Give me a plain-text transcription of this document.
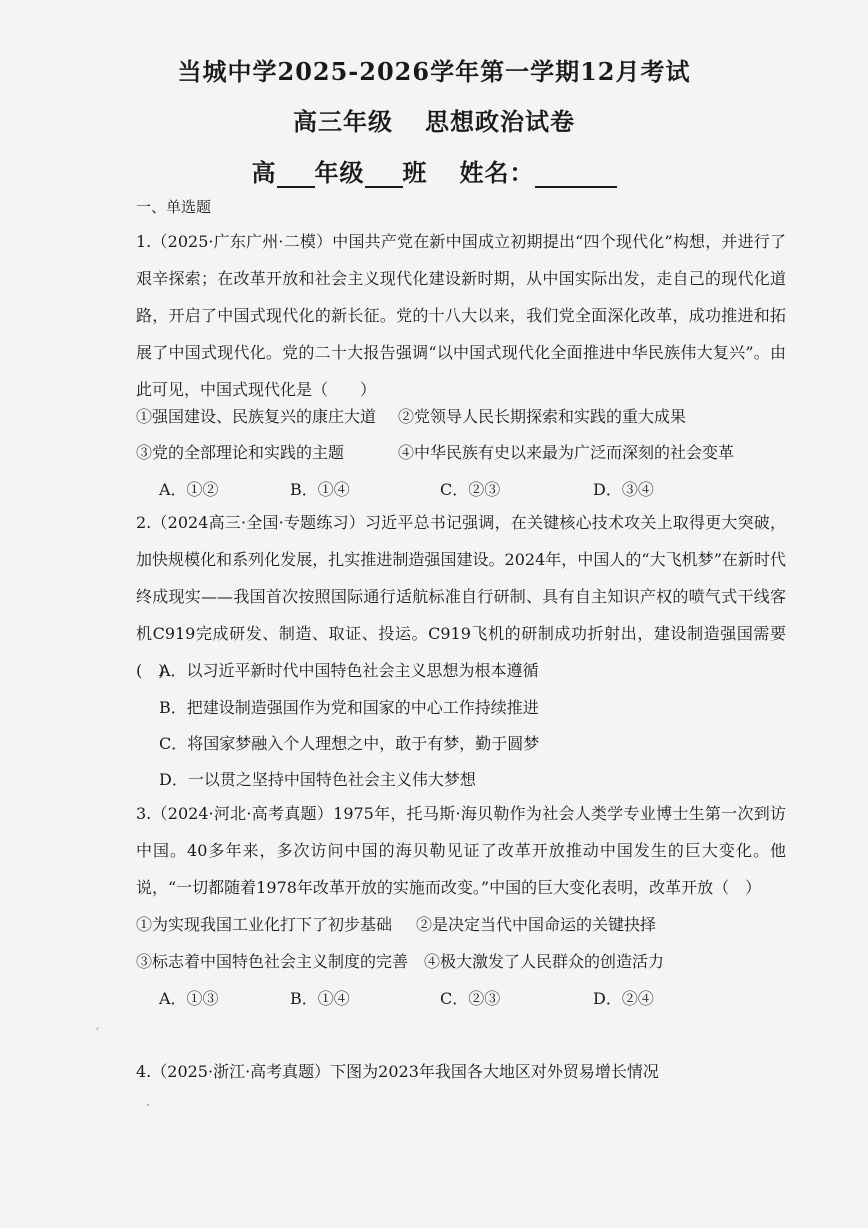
当城中学2025-2026学年第一学期12月考试
高三年级 思想政治试卷
高 年级 班 姓名：
一、单选题
1.（2025·广东广州·二模）中国共产党在新中国成立初期提出“四个现代化”构想，并进行了艰辛探索；在改革开放和社会主义现代化建设新时期，从中国实际出发，走自己的现代化道路，开启了中国式现代化的新长征。党的十八大以来，我们党全面深化改革，成功推进和拓展了中国式现代化。党的二十大报告强调“以中国式现代化全面推进中华民族伟大复兴”。由此可见，中国式现代化是（　　）
①强国建设、民族复兴的康庄大道 ②党领导人民长期探索和实践的重大成果
③党的全部理论和实践的主题	④中华民族有史以来最为广泛而深刻的社会变革
A．①②	B．①④	C．②③	D．③④
2.（2024高三·全国·专题练习）习近平总书记强调，在关键核心技术攻关上取得更大突破，加快规模化和系列化发展，扎实推进制造强国建设。2024年，中国人的“大飞机梦”在新时代终成现实——我国首次按照国际通行适航标准自行研制、具有自主知识产权的喷气式干线客机C919完成研发、制造、取证、投运。C919飞机的研制成功折射出，建设制造强国需要(　)
A．以习近平新时代中国特色社会主义思想为根本遵循
B．把建设制造强国作为党和国家的中心工作持续推进
C．将国家梦融入个人理想之中，敢于有梦，勤于圆梦
D．一以贯之坚持中国特色社会主义伟大梦想
3.（2024·河北·高考真题）1975年，托马斯·海贝勒作为社会人类学专业博士生第一次到访中国。40多年来，多次访问中国的海贝勒见证了改革开放推动中国发生的巨大变化。他说，“一切都随着1978年改革开放的实施而改变。”中国的巨大变化表明，改革开放（　）
①为实现我国工业化打下了初步基础 ②是决定当代中国命运的关键抉择
③标志着中国特色社会主义制度的完善 ④极大激发了人民群众的创造活力
A．①③	B．①④	C．②③	D．②④
4.（2025·浙江·高考真题）下图为2023年我国各大地区对外贸易增长情况
′
·
